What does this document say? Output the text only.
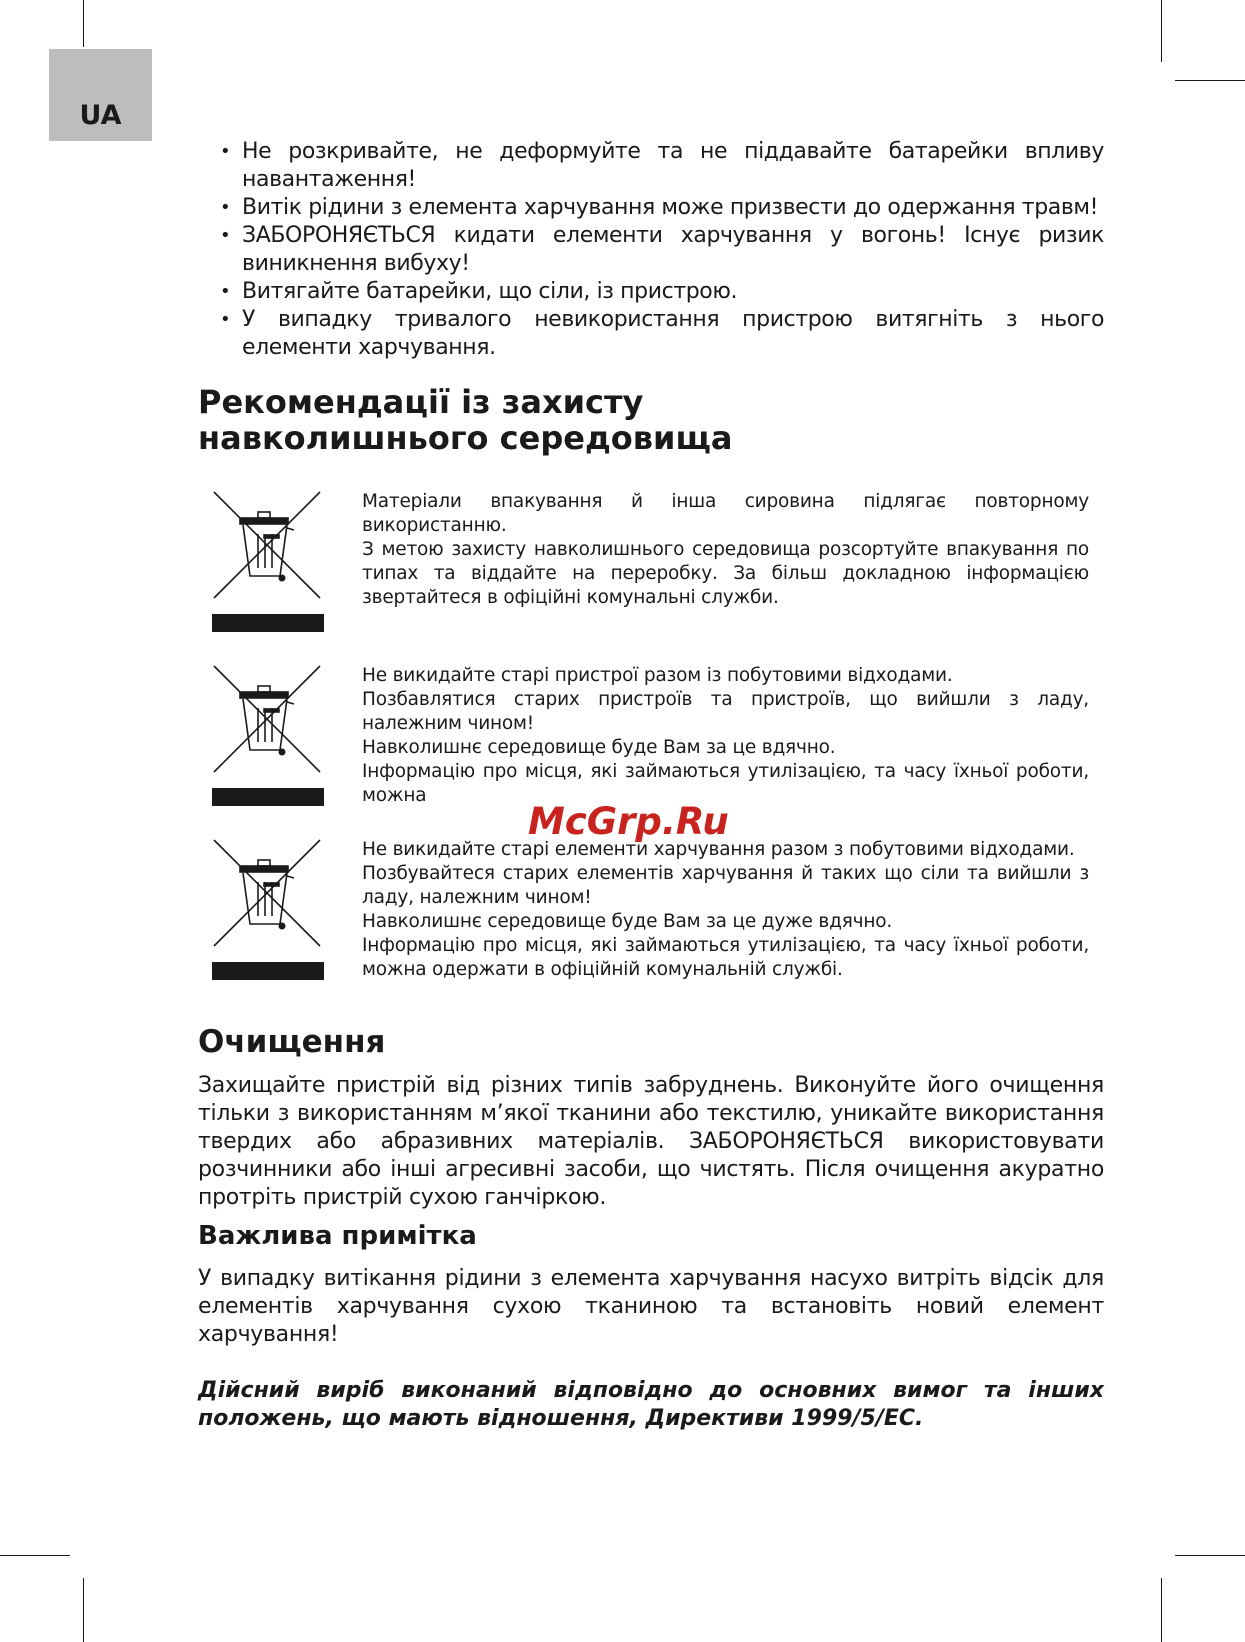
UA
• Не розкривайте, не деформуйте та не піддавайте батарейки впливу навантаження!
• Витік рідини з елемента харчування може призвести до одержання травм!
• ЗАБОРОНЯЄТЬСЯ кидати елементи харчування у вогонь! Існує ризик виникнення вибуху!
• Витягайте батарейки, що сіли, із пристрою.
• У випадку тривалого невикористання пристрою витягніть з нього елементи харчування.
Рекомендації із захисту
навколишнього середовища

Матеріали впакування й інша сировина підлягає повторному використанню.

З метою захисту навколишнього середовища розсортуйте впакування по типах та віддайте на переробку. За більш докладною інформацією звертайтеся в офіційні комунальні служби.

Не викидайте старі пристрої разом із побутовими відходами.

Позбавлятися старих пристроїв та пристроїв, що вийшли з ладу, належним чином!

Навколишнє середовище буде Вам за це вдячно.

Інформацію про місця, які займаються утилізацією, та часу їхньої роботи, можна

Не викидайте старі елементи харчування разом з побутовими відходами.

Позбувайтеся старих елементів харчування й таких що сіли та вийшли з ладу, належним чином!

Навколишнє середовище буде Вам за це дуже вдячно.

Інформацію про місця, які займаються утилізацією, та часу їхньої роботи, можна одержати в офіційній комунальній службі.

McGrp.Ru
Очищення

Захищайте пристрій від різних типів забруднень. Виконуйте його очищення тільки з використанням м’якої тканини або текстилю, уникайте використання твердих або абразивних матеріалів. ЗАБОРОНЯЄТЬСЯ використовувати розчинники або інші агресивні засоби, що чистять. Після очищення акуратно протріть пристрій сухою ганчіркою.

Важлива примітка

У випадку витікання рідини з елемента харчування насухо витріть відсік для елементів харчування сухою тканиною та встановіть новий елемент харчування!

Дійсний виріб виконаний відповідно до основних вимог та інших положень, що мають відношення, Директиви 1999/5/EC.
